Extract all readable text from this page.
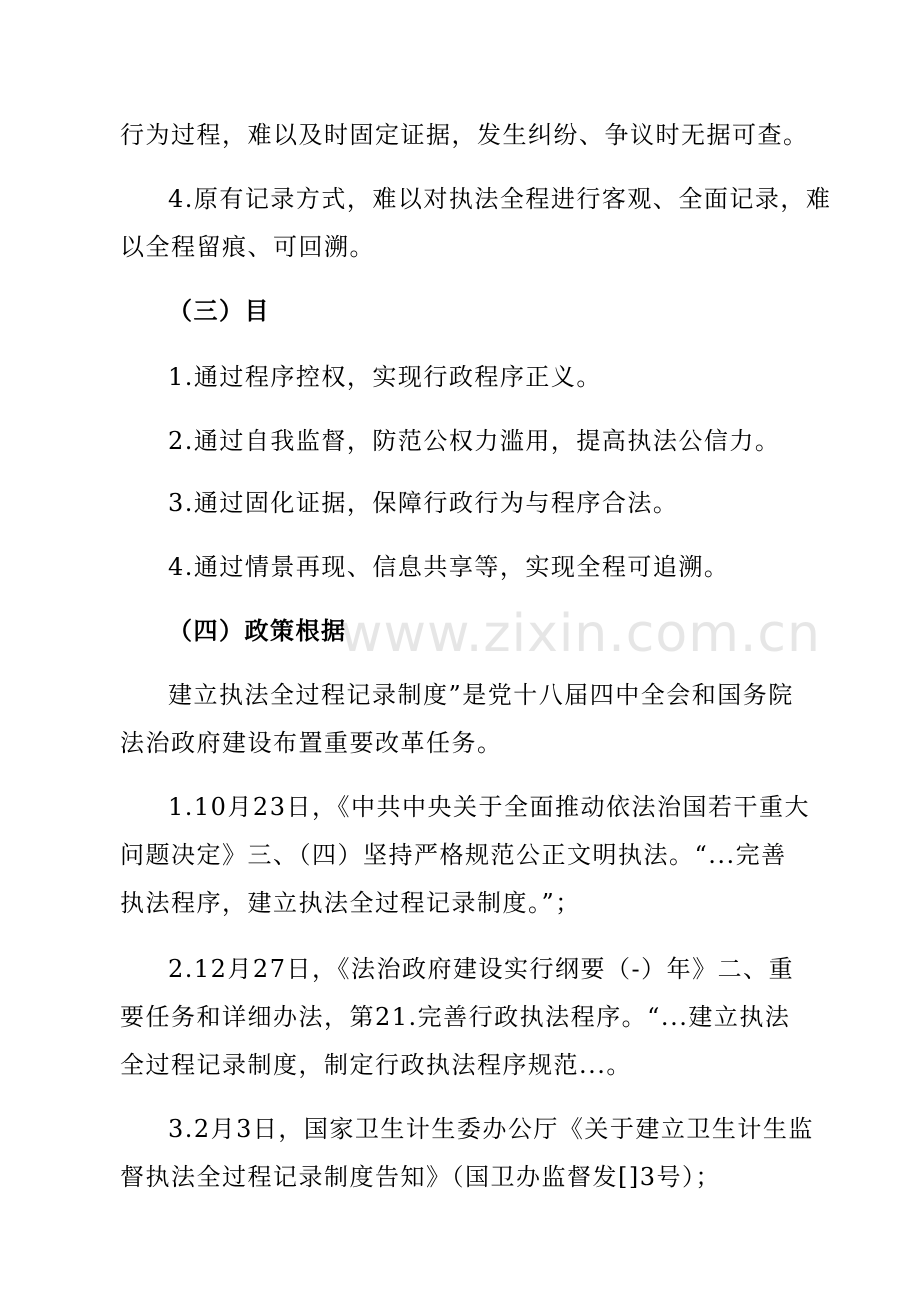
www.zixin.com.cn
行为过程，难以及时固定证据，发生纠纷、争议时无据可查。
4.原有记录方式，难以对执法全程进行客观、全面记录，难
以全程留痕、可回溯。
（三）目
1.通过程序控权，实现行政程序正义。
2.通过自我监督，防范公权力滥用，提高执法公信力。
3.通过固化证据，保障行政行为与程序合法。
4.通过情景再现、信息共享等，实现全程可追溯。
（四）政策根据
建立执法全过程记录制度”是党十八届四中全会和国务院
法治政府建设布置重要改革任务。
1.10月23日，《中共中央关于全面推动依法治国若干重大
问题决定》三、（四）坚持严格规范公正文明执法。“...完善
执法程序，建立执法全过程记录制度。”；
2.12月27日，《法治政府建设实行纲要（-）年》二、重
要任务和详细办法，第21.完善行政执法程序。“...建立执法
全过程记录制度，制定行政执法程序规范...。
3.2月3日，国家卫生计生委办公厅《关于建立卫生计生监
督执法全过程记录制度告知》（国卫办监督发[]3号）；
